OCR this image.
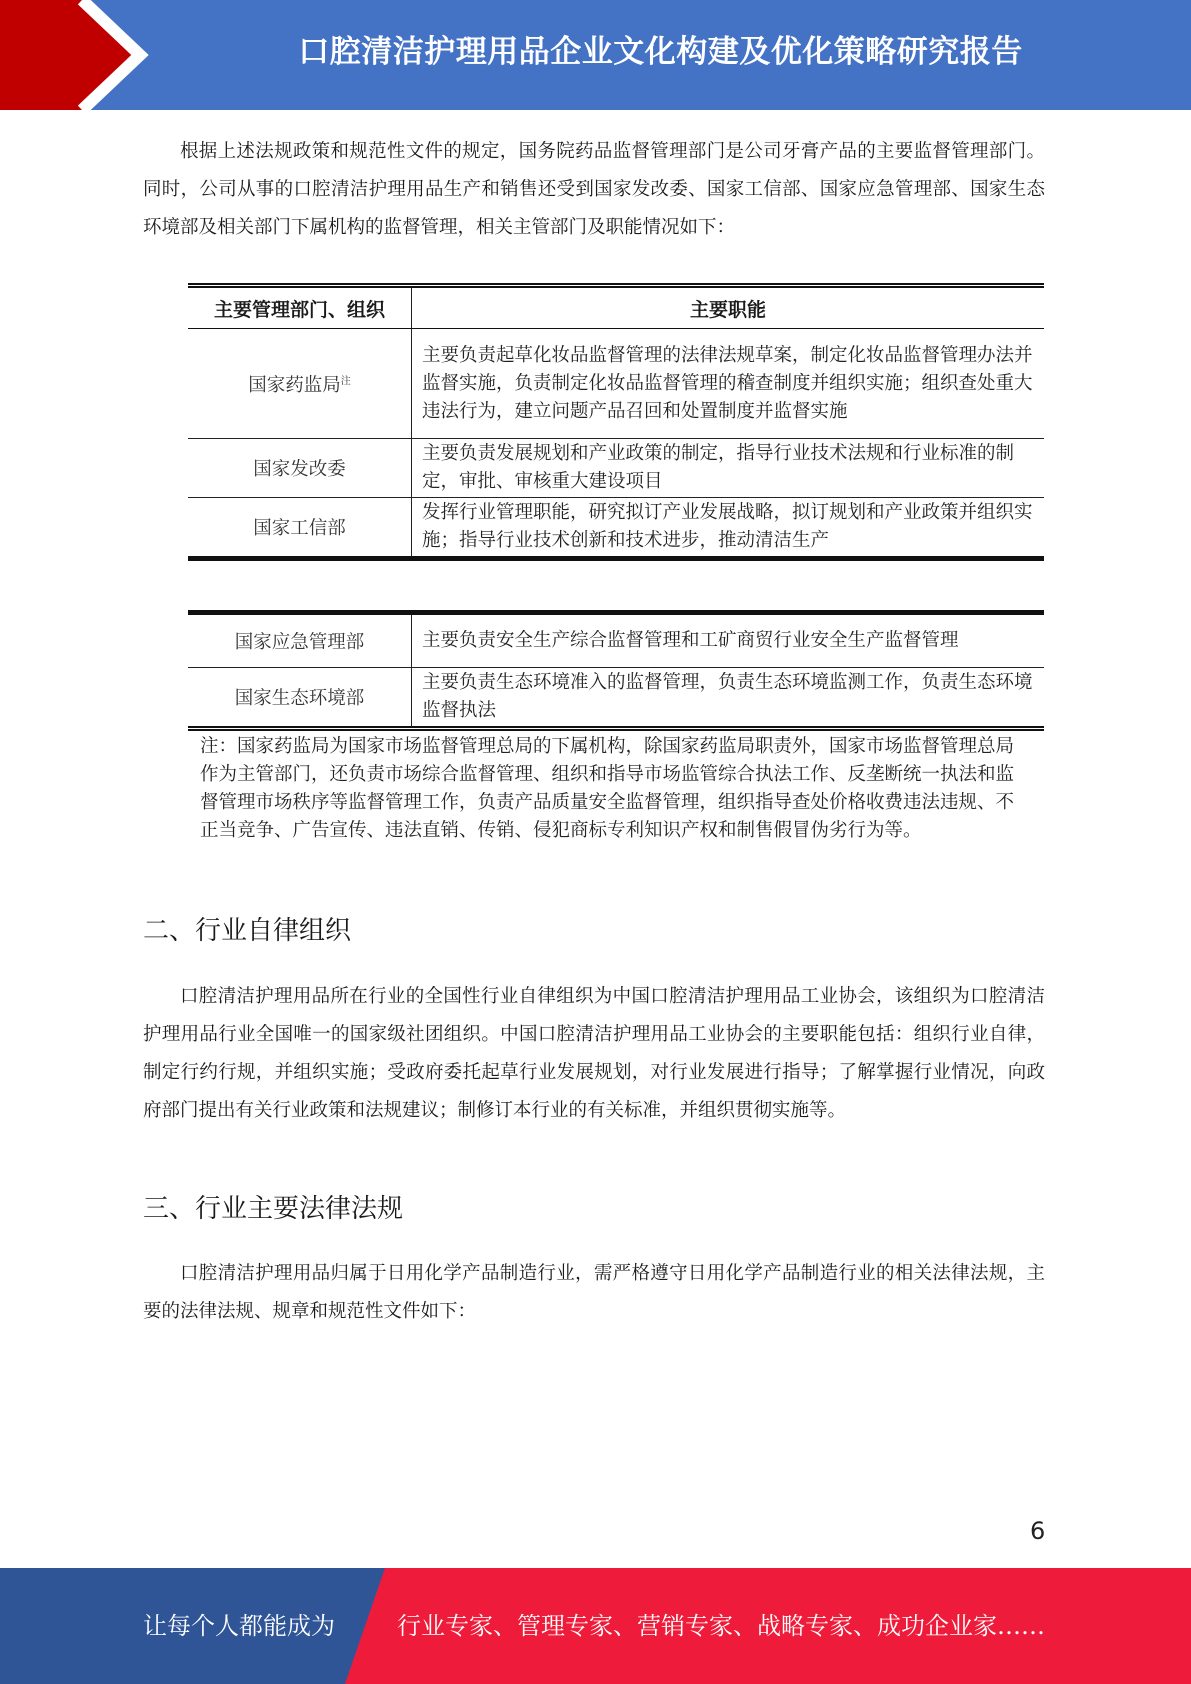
口腔清洁护理用品企业文化构建及优化策略研究报告

根据上述法规政策和规范性文件的规定，国务院药品监督管理部门是公司牙膏产品的主要监督管理部门。同时，公司从事的口腔清洁护理用品生产和销售还受到国家发改委、国家工信部、国家应急管理部、国家生态环境部及相关部门下属机构的监督管理，相关主管部门及职能情况如下：

主要管理部门、组织	主要职能
国家药监局$^注$	主要负责起草化妆品监督管理的法律法规草案，制定化妆品监督管理办法并监督实施，负责制定化妆品监督管理的稽查制度并组织实施；组织查处重大违法行为，建立问题产品召回和处置制度并监督实施
国家发改委	主要负责发展规划和产业政策的制定，指导行业技术法规和行业标准的制定，审批、审核重大建设项目
国家工信部	发挥行业管理职能，研究拟订产业发展战略，拟订规划和产业政策并组织实施；指导行业技术创新和技术进步，推动清洁生产
国家应急管理部	主要负责安全生产综合监督管理和工矿商贸行业安全生产监督管理
国家生态环境部	主要负责生态环境准入的监督管理，负责生态环境监测工作，负责生态环境监督执法

注：国家药监局为国家市场监督管理总局的下属机构，除国家药监局职责外，国家市场监督管理总局作为主管部门，还负责市场综合监督管理、组织和指导市场监管综合执法工作、反垄断统一执法和监督管理市场秩序等监督管理工作，负责产品质量安全监督管理，组织指导查处价格收费违法违规、不正当竞争、广告宣传、违法直销、传销、侵犯商标专利知识产权和制售假冒伪劣行为等。

二、行业自律组织

口腔清洁护理用品所在行业的全国性行业自律组织为中国口腔清洁护理用品工业协会，该组织为口腔清洁护理用品行业全国唯一的国家级社团组织。中国口腔清洁护理用品工业协会的主要职能包括：组织行业自律，制定行约行规，并组织实施；受政府委托起草行业发展规划，对行业发展进行指导；了解掌握行业情况，向政府部门提出有关行业政策和法规建议；制修订本行业的有关标准，并组织贯彻实施等。

三、行业主要法律法规

口腔清洁护理用品归属于日用化学产品制造行业，需严格遵守日用化学产品制造行业的相关法律法规，主要的法律法规、规章和规范性文件如下：

6
让每个人都能成为	行业专家、管理专家、营销专家、战略专家、成功企业家……
